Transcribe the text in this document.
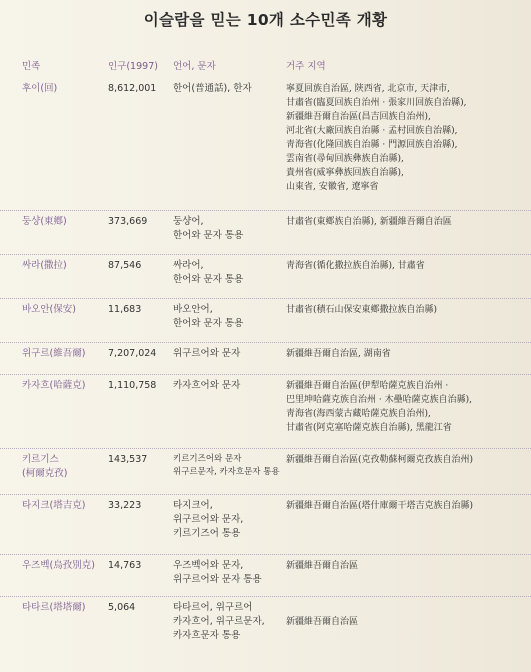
이슬람을 믿는 10개 소수민족 개황
민족	인구(1997) 언어, 문자	거주 지역
후이(回)	8,612,001 한어(普通話), 한자	寧夏回族自治區, 陝西省, 北京市, 天津市,
甘肅省(臨夏回族自治州 · 張家川回族自治縣),
新疆維吾爾自治區(昌吉回族自治州),
河北省(大廠回族自治縣 · 孟村回族自治縣),
靑海省(化隆回族自治縣 · 門源回族自治縣),
雲南省(尋甸回族彝族自治縣),
貴州省(威寧彝族回族自治縣),
山東省, 安徽省, 遼寧省
둥샹(東鄕)	373,669	둥샹어,
한어와 문자 통용
甘肅省(東鄕族自治縣), 新疆維吾爾自治區
싸라(撒拉)	87,546	싸라어,
한어와 문자 통용
靑海省(循化撒拉族自治縣), 甘肅省
바오안(保安)	11,683	바오안어,
한어와 문자 통용
甘肅省(積石山保安東鄕撒拉族自治縣)
위구르(維吾爾) 7,207,024 위구르어와 문자	新疆維吾爾自治區, 湖南省
카자흐(哈薩克) 1,110,758 카자흐어와 문자	新疆維吾爾自治區(伊犁哈薩克族自治州 ·
巴里坤哈薩克族自治州 · 木壘哈薩克族自治縣),
靑海省(海西蒙古藏哈薩克族自治州),
甘肅省(阿克塞哈薩克族自治縣), 黑龍江省
키르기스
(柯爾克孜)
143,537	키르기즈어와 문자
위구르문자, 카자흐문자 통용
新疆維吾爾自治區(克孜勒蘇柯爾克孜族自治州)
타지크(塔吉克) 33,223	타지크어,
위구르어와 문자,
키르기즈어 통용
新疆維吾爾自治區(塔什庫爾干塔吉克族自治縣)
우즈벡(烏孜別克) 14,763	우즈벡어와 문자,
위구르어와 문자 통용
新疆維吾爾自治區
타타르(塔塔爾) 5,064	타타르어, 위구르어
카자흐어, 위구르문자,
카자흐문자 통용

新疆維吾爾自治區
